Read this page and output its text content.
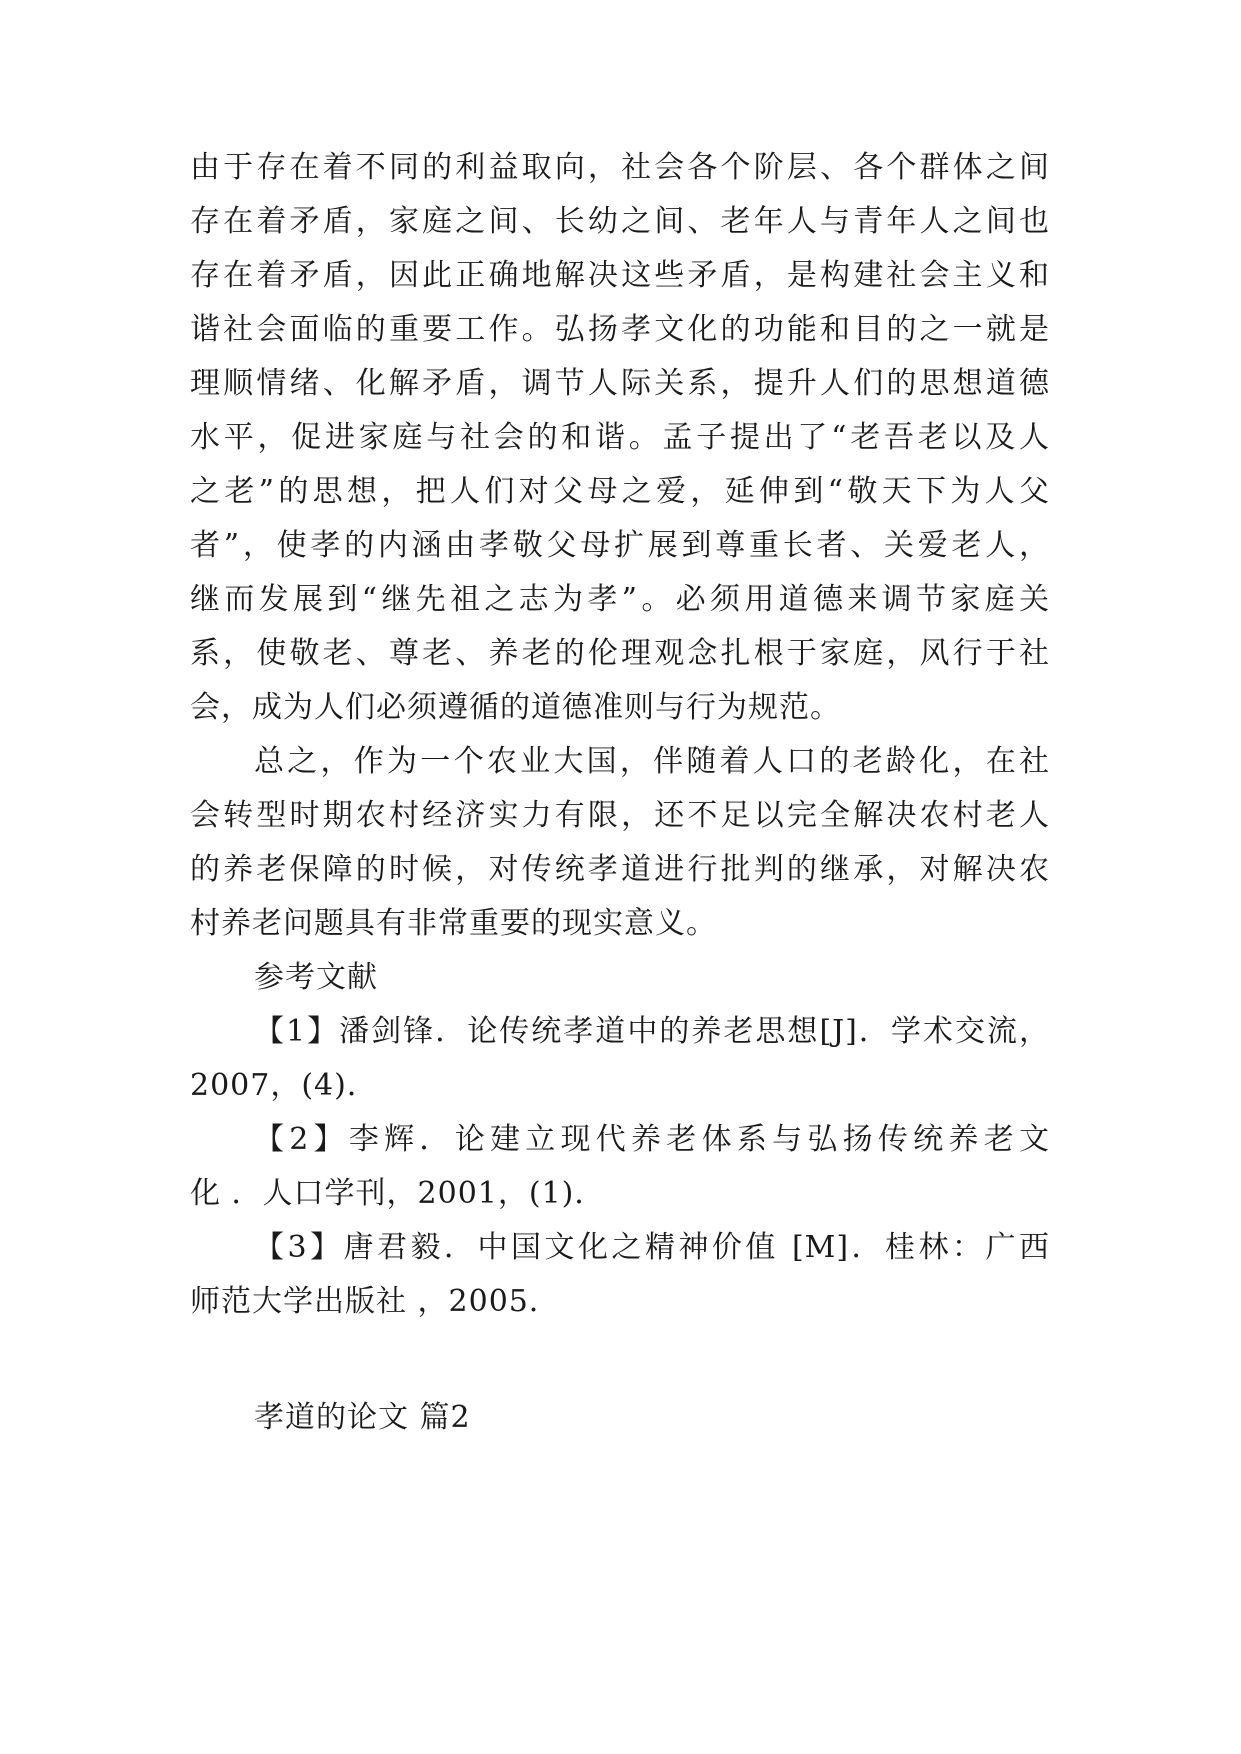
由于存在着不同的利益取向，社会各个阶层、各个群体之间
存在着矛盾，家庭之间、长幼之间、老年人与青年人之间也
存在着矛盾，因此正确地解决这些矛盾，是构建社会主义和
谐社会面临的重要工作。弘扬孝文化的功能和目的之一就是
理顺情绪、化解矛盾，调节人际关系，提升人们的思想道德
水平，促进家庭与社会的和谐。孟子提出了“老吾老以及人
之老”的思想，把人们对父母之爱，延伸到“敬天下为人父
者”，使孝的内涵由孝敬父母扩展到尊重长者、关爱老人，
继而发展到“继先祖之志为孝”。必须用道德来调节家庭关
系，使敬老、尊老、养老的伦理观念扎根于家庭，风行于社
会，成为人们必须遵循的道德准则与行为规范。
总之，作为一个农业大国，伴随着人口的老龄化，在社
会转型时期农村经济实力有限，还不足以完全解决农村老人
的养老保障的时候，对传统孝道进行批判的继承，对解决农
村养老问题具有非常重要的现实意义。
参考文献
【1】潘剑锋．论传统孝道中的养老思想[J]．学术交流，
2007，(4)．
【2】李辉．论建立现代养老体系与弘扬传统养老文
化 ．人口学刊，2001，(1)．
【3】唐君毅．中国文化之精神价值 [M]．桂林：广西
师范大学出版社 ，2005．
孝道的论文 篇2
